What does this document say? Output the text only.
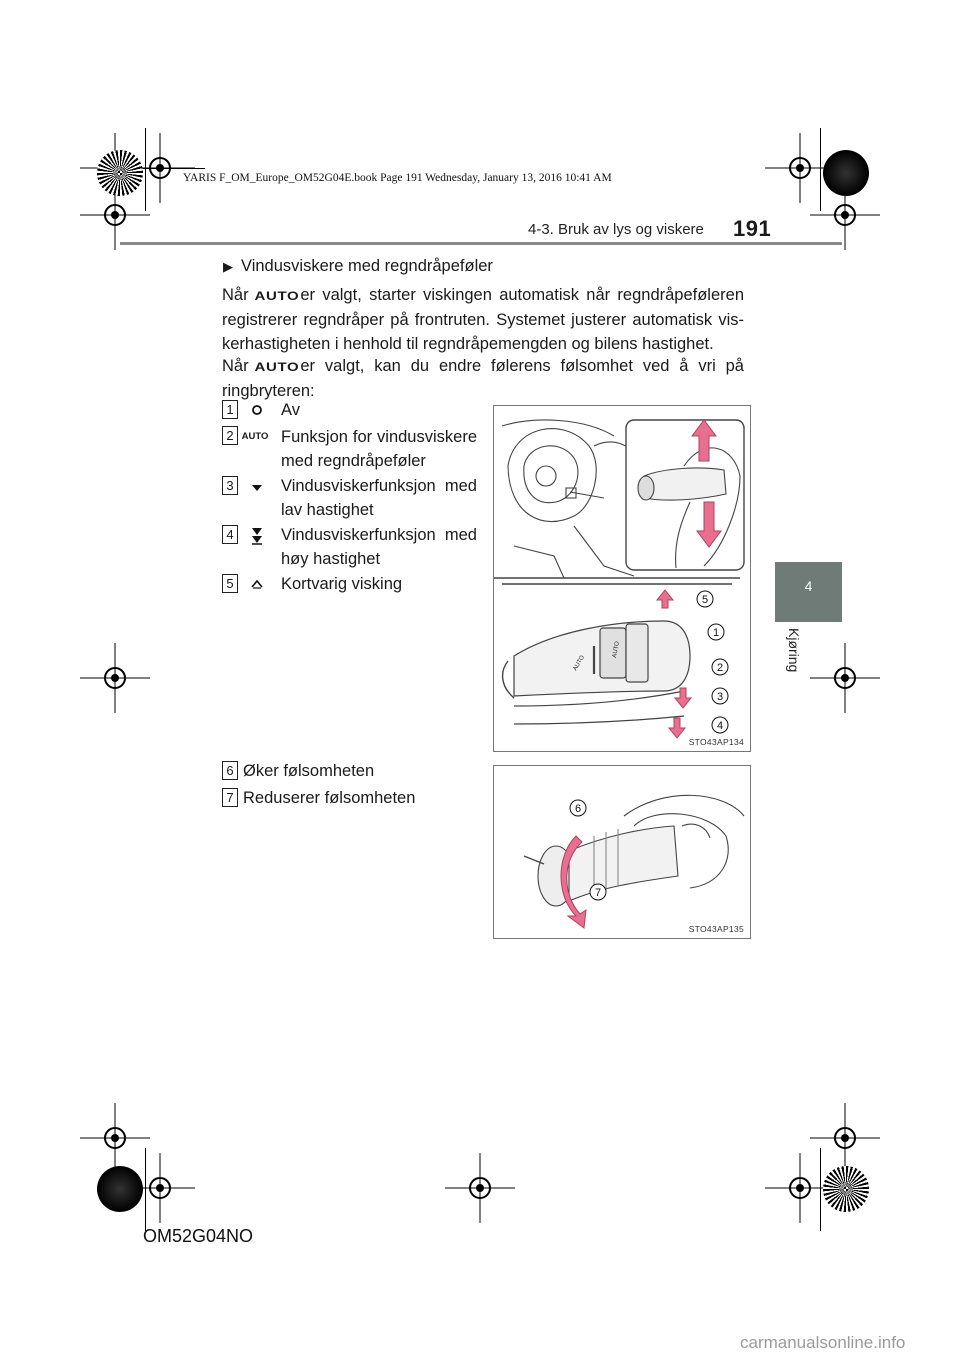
YARIS F_OM_Europe_OM52G04E.book Page 191 Wednesday, January 13, 2016 10:41 AM
4-3. Bruk av lys og viskere 191
4
Kjøring
▶ Vindusviskere med regndråpeføler
Når AUTOer valgt, starter viskingen automatisk når regndråpeføleren registrerer regndråper på frontruten. Systemet justerer automatisk viskerhastigheten i henhold til regndråpemengden og bilens hastighet.
Når AUTOer valgt, kan du endre følerens følsomhet ved å vri på ringbryteren:
1	Av
2 AUTO Funksjon for vindusviskere med regndråpeføler
3	Vindusviskerfunksjon med lav hastighet
4	Vindusviskerfunksjon med høy hastighet
5	Kortvarig visking
6 Øker følsomheten
7 Reduserer følsomheten
AUTO
AUTO
5
1
2
3
4
STO43AP134
6
7
STO43AP135
OM52G04NO
carmanualsonline.info
